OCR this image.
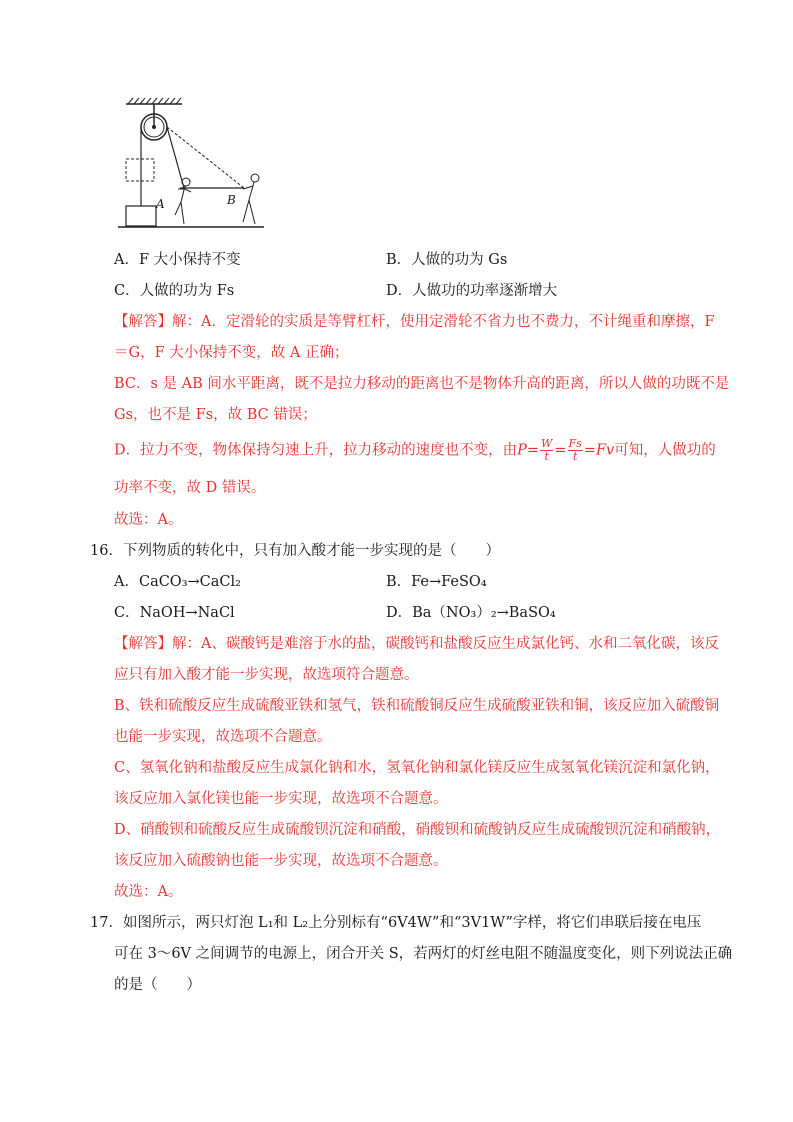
A	B
A．F 大小保持不变	B．人做的功为 Gs
C．人做的功为 Fs	D．人做功的功率逐渐增大
【解答】解：A．定滑轮的实质是等臂杠杆，使用定滑轮不省力也不费力，不计绳重和摩擦，F
＝G，F 大小保持不变，故 A 正确；
BC．s 是 AB 间水平距离，既不是拉力移动的距离也不是物体升高的距离，所以人做的功既不是
Gs，也不是 Fs，故 BC 错误；
D．拉力不变，物体保持匀速上升，拉力移动的速度也不变，由$P= \frac{W}{t} = \frac{Fs}{t} =Fv$可知，人做功的
功率不变，故 D 错误。
故选：A。
16．下列物质的转化中，只有加入酸才能一步实现的是（　　）
A．CaCO₃→CaCl₂	B．Fe→FeSO₄
C．NaOH→NaCl	D．Ba（NO₃）₂→BaSO₄
【解答】解：A、碳酸钙是难溶于水的盐，碳酸钙和盐酸反应生成氯化钙、水和二氧化碳，该反
应只有加入酸才能一步实现，故选项符合题意。
B、铁和硫酸反应生成硫酸亚铁和氢气，铁和硫酸铜反应生成硫酸亚铁和铜，该反应加入硫酸铜
也能一步实现，故选项不合题意。
C、氢氧化钠和盐酸反应生成氯化钠和水，氢氧化钠和氯化镁反应生成氢氧化镁沉淀和氯化钠，
该反应加入氯化镁也能一步实现，故选项不合题意。
D、硝酸钡和硫酸反应生成硫酸钡沉淀和硝酸，硝酸钡和硫酸钠反应生成硫酸钡沉淀和硝酸钠，
该反应加入硫酸钠也能一步实现，故选项不合题意。
故选：A。
17．如图所示，两只灯泡 L₁和 L₂上分别标有“6V4W”和“3V1W”字样，将它们串联后接在电压
可在 3～6V 之间调节的电源上，闭合开关 S，若两灯的灯丝电阻不随温度变化，则下列说法正确
的是（　　）
